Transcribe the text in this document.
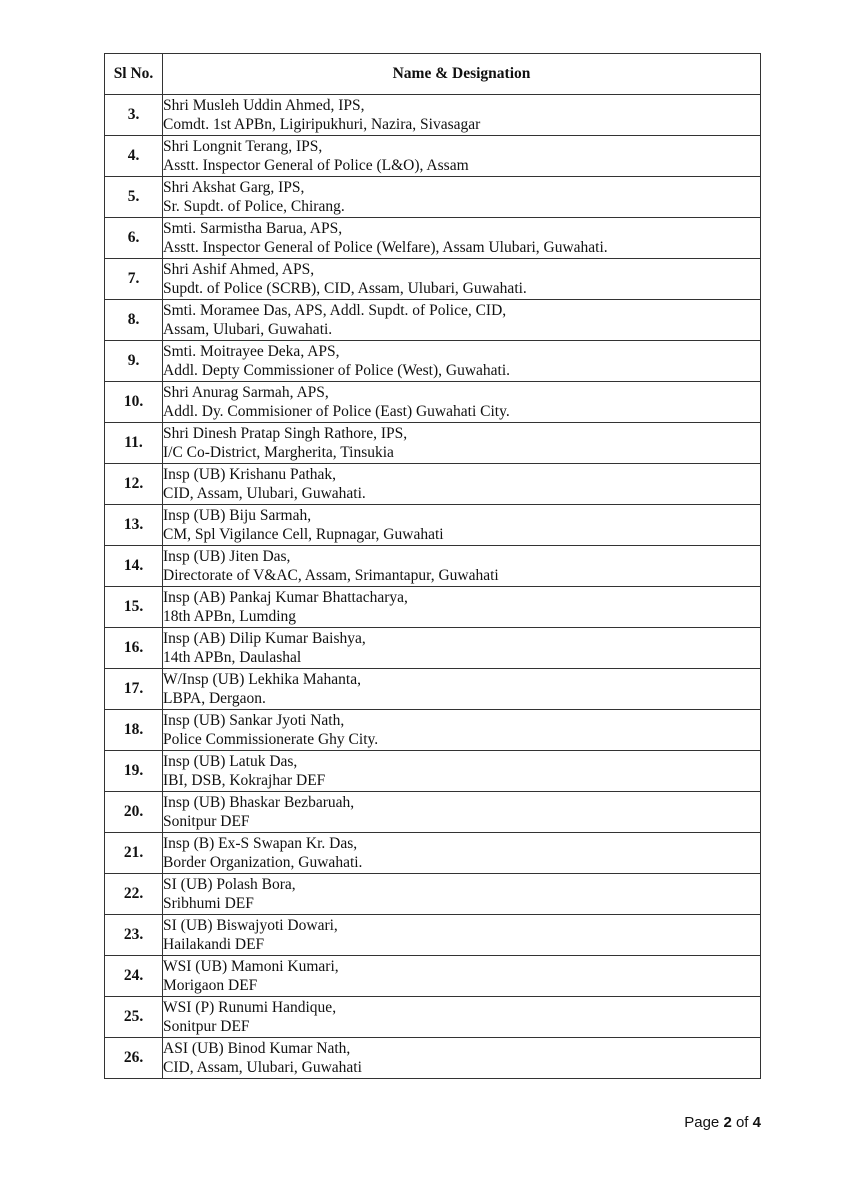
Sl No.	Name & Designation
3.	Shri Musleh Uddin Ahmed, IPS,
Comdt. 1st APBn, Ligiripukhuri, Nazira, Sivasagar

4.	Shri Longnit Terang, IPS,
Asstt. Inspector General of Police (L&O), Assam

5.	Shri Akshat Garg, IPS,
Sr. Supdt. of Police, Chirang.

6.	Smti. Sarmistha Barua, APS,
Asstt. Inspector General of Police (Welfare), Assam Ulubari, Guwahati.

7.	Shri Ashif Ahmed, APS,
Supdt. of Police (SCRB), CID, Assam, Ulubari, Guwahati.

8.	Smti. Moramee Das, APS, Addl. Supdt. of Police, CID,
Assam, Ulubari, Guwahati.

9.	Smti. Moitrayee Deka, APS,
Addl. Depty Commissioner of Police (West), Guwahati.

10.	Shri Anurag Sarmah, APS,
Addl. Dy. Commisioner of Police (East) Guwahati City.

11.	Shri Dinesh Pratap Singh Rathore, IPS,
I/C Co-District, Margherita, Tinsukia

12.	Insp (UB) Krishanu Pathak,
CID, Assam, Ulubari, Guwahati.

13.	Insp (UB) Biju Sarmah,
CM, Spl Vigilance Cell, Rupnagar, Guwahati

14.	Insp (UB) Jiten Das,
Directorate of V&AC, Assam, Srimantapur, Guwahati

15.	Insp (AB) Pankaj Kumar Bhattacharya,
18th APBn, Lumding

16.	Insp (AB) Dilip Kumar Baishya,
14th APBn, Daulashal

17.	W/Insp (UB) Lekhika Mahanta,
LBPA, Dergaon.

18.	Insp (UB) Sankar Jyoti Nath,
Police Commissionerate Ghy City.

19.	Insp (UB) Latuk Das,
IBI, DSB, Kokrajhar DEF

20.	Insp (UB) Bhaskar Bezbaruah,
Sonitpur DEF

21.	Insp (B) Ex-S Swapan Kr. Das,
Border Organization, Guwahati.

22.	SI (UB) Polash Bora,
Sribhumi DEF

23.	SI (UB) Biswajyoti Dowari,
Hailakandi DEF

24.	WSI (UB) Mamoni Kumari,
Morigaon DEF

25.	WSI (P) Runumi Handique,
Sonitpur DEF

26.	ASI (UB) Binod Kumar Nath,
CID, Assam, Ulubari, Guwahati
Page 2 of 4
